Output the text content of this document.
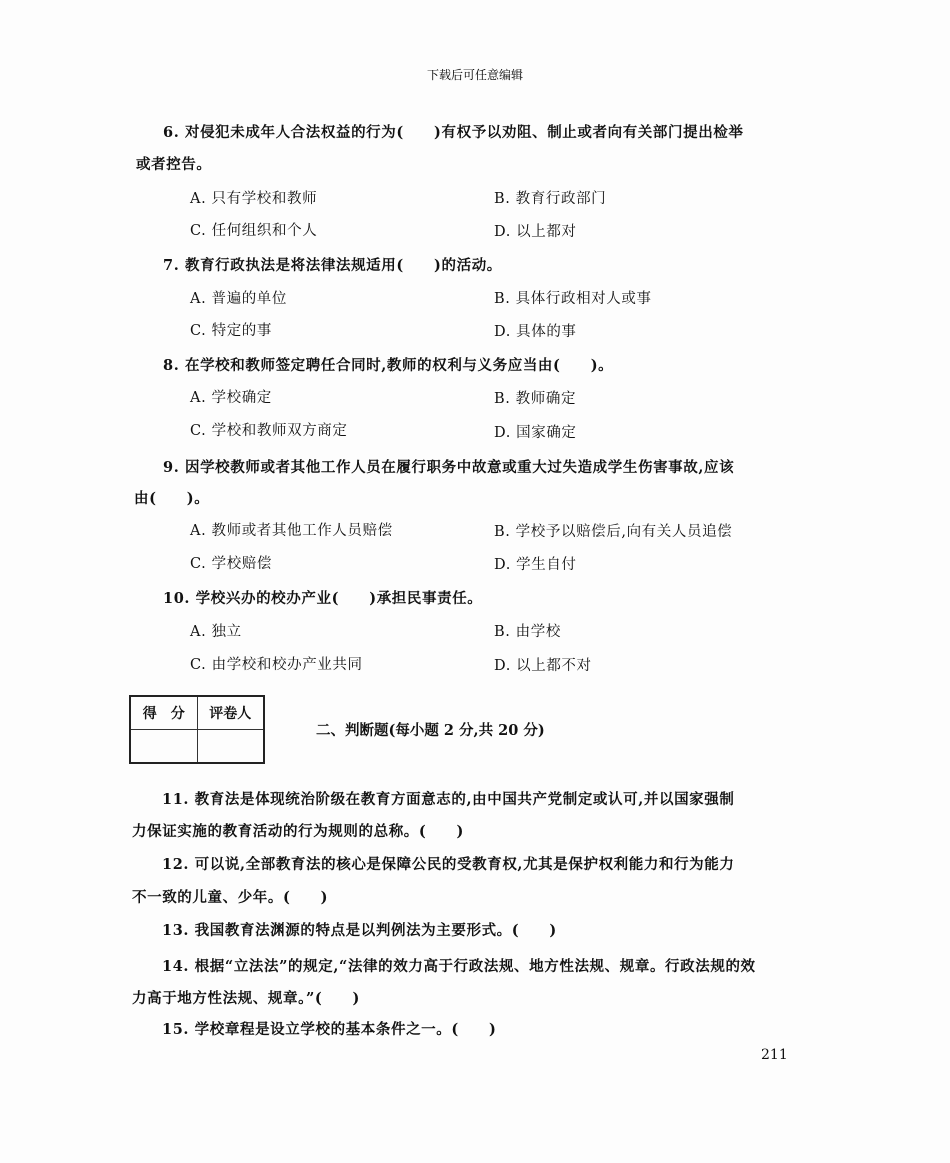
下载后可任意编辑
6. 对侵犯未成年人合法权益的行为(　　)有权予以劝阻、制止或者向有关部门提出检举
或者控告。
A. 只有学校和教师	B. 教育行政部门
C. 任何组织和个人	D. 以上都对
7. 教育行政执法是将法律法规适用(　　)的活动。
A. 普遍的单位	B. 具体行政相对人或事
C. 特定的事	D. 具体的事
8. 在学校和教师签定聘任合同时,教师的权利与义务应当由(　　)。
A. 学校确定	B. 教师确定
C. 学校和教师双方商定	D. 国家确定
9. 因学校教师或者其他工作人员在履行职务中故意或重大过失造成学生伤害事故,应该
由(　　)。
A. 教师或者其他工作人员赔偿	B. 学校予以赔偿后,向有关人员追偿
C. 学校赔偿	D. 学生自付
10. 学校兴办的校办产业(　　)承担民事责任。
A. 独立	B. 由学校
C. 由学校和校办产业共同	D. 以上都不对
得　分	评卷人

二、判断题(每小题 2 分,共 20 分)
11. 教育法是体现统治阶级在教育方面意志的,由中国共产党制定或认可,并以国家强制
力保证实施的教育活动的行为规则的总称。(　　)
12. 可以说,全部教育法的核心是保障公民的受教育权,尤其是保护权利能力和行为能力
不一致的儿童、少年。(　　)
13. 我国教育法渊源的特点是以判例法为主要形式。(　　)
14. 根据“立法法”的规定,“法律的效力高于行政法规、地方性法规、规章。行政法规的效
力高于地方性法规、规章。”(　　)
15. 学校章程是设立学校的基本条件之一。(　　)
211
